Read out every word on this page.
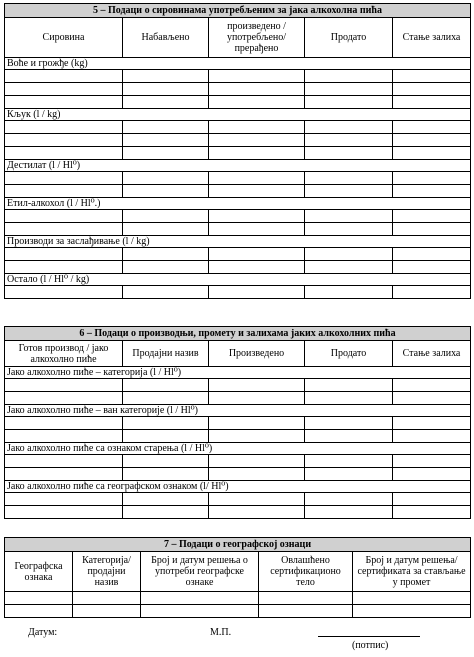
5 – Подаци о сировинама употребљеним за јака алкохолна пића				
Сировина	Набављено	произведено / употребљено/ прерађено	Продато	Стање залиха
Воће и грожђе (kg)				

Кљук (l / kg)				

Дестилат (l / Hl⁰)				

Етил-алкохол (l / Hl⁰.)				

Производи за заслађивање (l / kg)				

Остало (l / Hl⁰ / kg)				

6 – Подаци о производњи, промету и залихама јаких алкохолних пића				
Готов производ / јако алкохолно пиће	Продајни назив	Произведено	Продато	Стање залиха
Јако алкохолно пиће – категорија (l / Hl⁰)				

Јако алкохолно пиће – ван категорије (l / Hl⁰)				

Јако алкохолно пиће са ознаком старења (l / Hl⁰)				

Јако алкохолно пиће са географском ознаком (l/ Hl⁰)				

7 – Подаци о географској ознаци				
Географска ознака	Категорија/ продајни назив	Број и датум решења о употреби географске ознаке	Овлашћено сертификационо тело	Број и датум решења/сертификата за стављање у промет

Датум:	М.П.
(потпис)
